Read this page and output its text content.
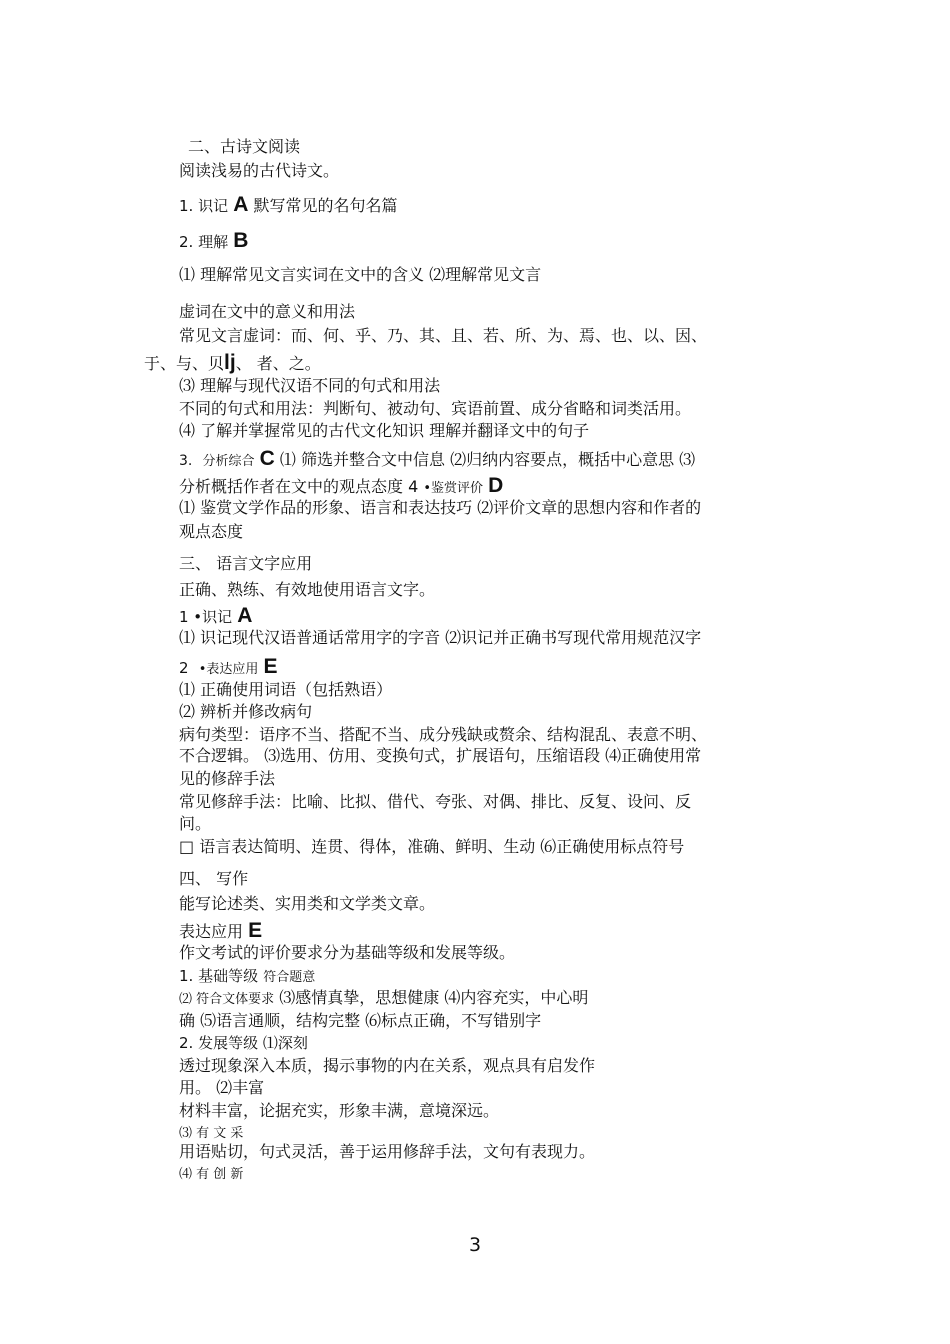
二、古诗文阅读
阅读浅易的古代诗文。
1. 识记 A 默写常见的名句名篇
2. 理解 B
⑴ 理解常见文言实词在文中的含义 ⑵理解常见文言
虚词在文中的意义和用法
常见文言虚词：而、何、乎、乃、其、且、若、所、为、焉、也、以、因、
于、与、贝lj、 者、之。
⑶ 理解与现代汉语不同的句式和用法
不同的句式和用法：判断句、被动句、宾语前置、成分省略和词类活用。
⑷ 了解并掌握常见的古代文化知识 理解并翻译文中的句子
3. 分析综合 C ⑴ 筛选并整合文中信息 ⑵归纳内容要点，概括中心意思 ⑶
分析概括作者在文中的观点态度 4 •鉴赏评价 D
⑴ 鉴赏文学作品的形象、语言和表达技巧 ⑵评价文章的思想内容和作者的
观点态度
三、 语言文字应用
正确、熟练、有效地使用语言文字。
1 •识记 A
⑴ 识记现代汉语普通话常用字的字音 ⑵识记并正确书写现代常用规范汉字
2 •表达应用 E
⑴ 正确使用词语（包括熟语）
⑵ 辨析并修改病句
病句类型：语序不当、搭配不当、成分残缺或赘余、结构混乱、表意不明、
不合逻辑。 ⑶选用、仿用、变换句式，扩展语句，压缩语段 ⑷正确使用常
见的修辞手法
常见修辞手法：比喻、比拟、借代、夸张、对偶、排比、反复、设问、反
问。
□ 语言表达简明、连贯、得体，准确、鲜明、生动 ⑹正确使用标点符号
四、 写作
能写论述类、实用类和文学类文章。
表达应用 E
作文考试的评价要求分为基础等级和发展等级。
1. 基础等级 符合题意
⑵ 符合文体要求 ⑶感情真挚，思想健康 ⑷内容充实，中心明
确 ⑸语言通顺，结构完整 ⑹标点正确，不写错别字
2. 发展等级 ⑴深刻
透过现象深入本质，揭示事物的内在关系，观点具有启发作
用。 ⑵丰富
材料丰富，论据充实，形象丰满，意境深远。
⑶ 有 文 采
用语贴切，句式灵活，善于运用修辞手法，文句有表现力。
⑷ 有 创 新
3
